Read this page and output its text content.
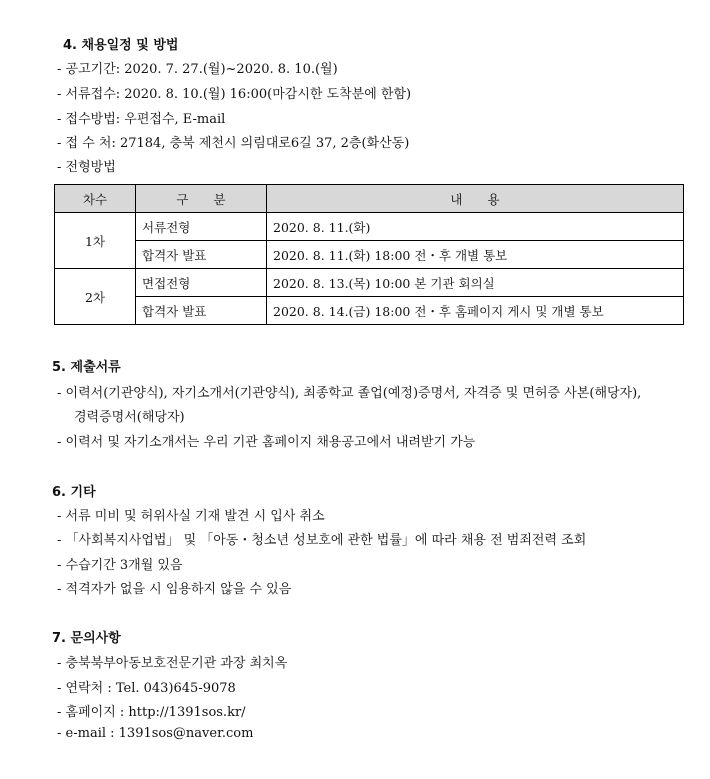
4. 채용일정 및 방법
- 공고기간: 2020. 7. 27.(월)~2020. 8. 10.(월)
- 서류접수: 2020. 8. 10.(월) 16:00(마감시한 도착분에 한함)
- 접수방법: 우편접수, E-mail
- 접 수 처: 27184, 충북 제천시 의림대로6길 37, 2층(화산동)
- 전형방법
차수	구　　분	내　　용
1차	서류전형	2020. 8. 11.(화)
	합격자 발표	2020. 8. 11.(화) 18:00 전・후 개별 통보
2차	면접전형	2020. 8. 13.(목) 10:00 본 기관 회의실
	합격자 발표	2020. 8. 14.(금) 18:00 전・후 홈페이지 게시 및 개별 통보
5. 제출서류
- 이력서(기관양식), 자기소개서(기관양식), 최종학교 졸업(예정)증명서, 자격증 및 면허증 사본(해당자),
경력증명서(해당자)
- 이력서 및 자기소개서는 우리 기관 홈페이지 채용공고에서 내려받기 가능
6. 기타
- 서류 미비 및 허위사실 기재 발견 시 입사 취소
- 「사회복지사업법」 및 「아동・청소년 성보호에 관한 법률」에 따라 채용 전 범죄전력 조회
- 수습기간 3개월 있음
- 적격자가 없을 시 임용하지 않을 수 있음
7. 문의사항
- 충북북부아동보호전문기관 과장 최치옥
- 연락처 : Tel. 043)645-9078
- 홈페이지 : http://1391sos.kr/
- e-mail : 1391sos@naver.com
